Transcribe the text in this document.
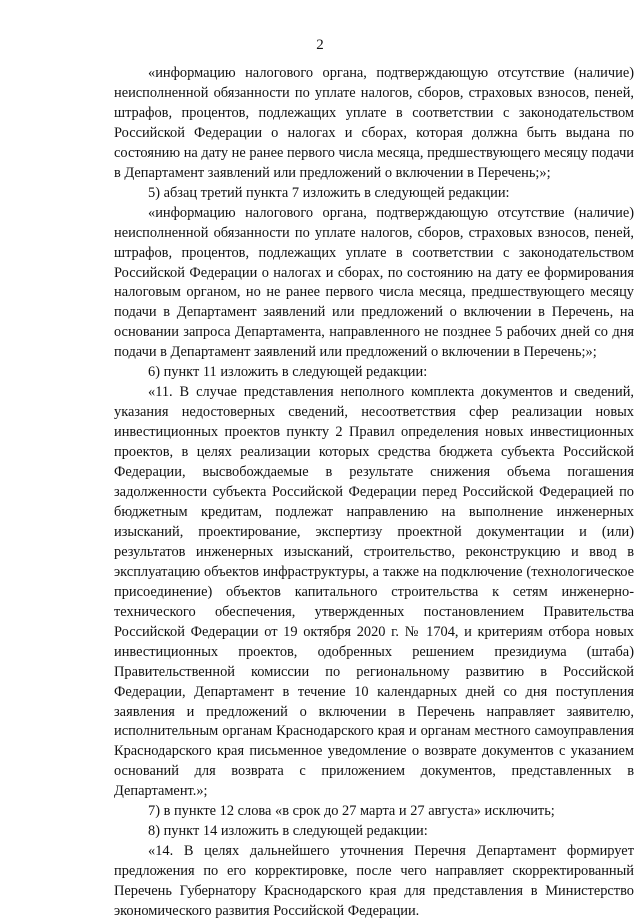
2

«информацию налогового органа, подтверждающую отсутствие (наличие) неисполненной обязанности по уплате налогов, сборов, страховых взносов, пеней, штрафов, процентов, подлежащих уплате в соответствии с законодательством Российской Федерации о налогах и сборах, которая должна быть выдана по состоянию на дату не ранее первого числа месяца, предшествующего месяцу подачи в Департамент заявлений или предложений о включении в Перечень;»;

5) абзац третий пункта 7 изложить в следующей редакции:

«информацию налогового органа, подтверждающую отсутствие (наличие) неисполненной обязанности по уплате налогов, сборов, страховых взносов, пеней, штрафов, процентов, подлежащих уплате в соответствии с законодательством Российской Федерации о налогах и сборах, по состоянию на дату ее формирования налоговым органом, но не ранее первого числа месяца, предшествующего месяцу подачи в Департамент заявлений или предложений о включении в Перечень, на основании запроса Департамента, направленного не позднее 5 рабочих дней со дня подачи в Департамент заявлений или предложений о включении в Перечень;»;

6) пункт 11 изложить в следующей редакции:

«11. В случае представления неполного комплекта документов и сведений, указания недостоверных сведений, несоответствия сфер реализации новых инвестиционных проектов пункту 2 Правил определения новых инвестиционных проектов, в целях реализации которых средства бюджета субъекта Российской Федерации, высвобождаемые в результате снижения объема погашения задолженности субъекта Российской Федерации перед Российской Федерацией по бюджетным кредитам, подлежат направлению на выполнение инженерных изысканий, проектирование, экспертизу проектной документации и (или) результатов инженерных изысканий, строительство, реконструкцию и ввод в эксплуатацию объектов инфраструктуры, а также на подключение (технологическое присоединение) объектов капитального строительства к сетям инженерно-технического обеспечения, утвержденных постановлением Правительства Российской Федерации от 19 октября 2020 г. № 1704, и критериям отбора новых инвестиционных проектов, одобренных решением президиума (штаба) Правительственной комиссии по региональному развитию в Российской Федерации, Департамент в течение 10 календарных дней со дня поступления заявления и предложений о включении в Перечень направляет заявителю, исполнительным органам Краснодарского края и органам местного самоуправления Краснодарского края письменное уведомление о возврате документов с указанием оснований для возврата с приложением документов, представленных в Департамент.»;

7) в пункте 12 слова «в срок до 27 марта и 27 августа» исключить;

8) пункт 14 изложить в следующей редакции:

«14. В целях дальнейшего уточнения Перечня Департамент формирует предложения по его корректировке, после чего направляет скорректированный Перечень Губернатору Краснодарского края для представления в Министерство экономического развития Российской Федерации.
